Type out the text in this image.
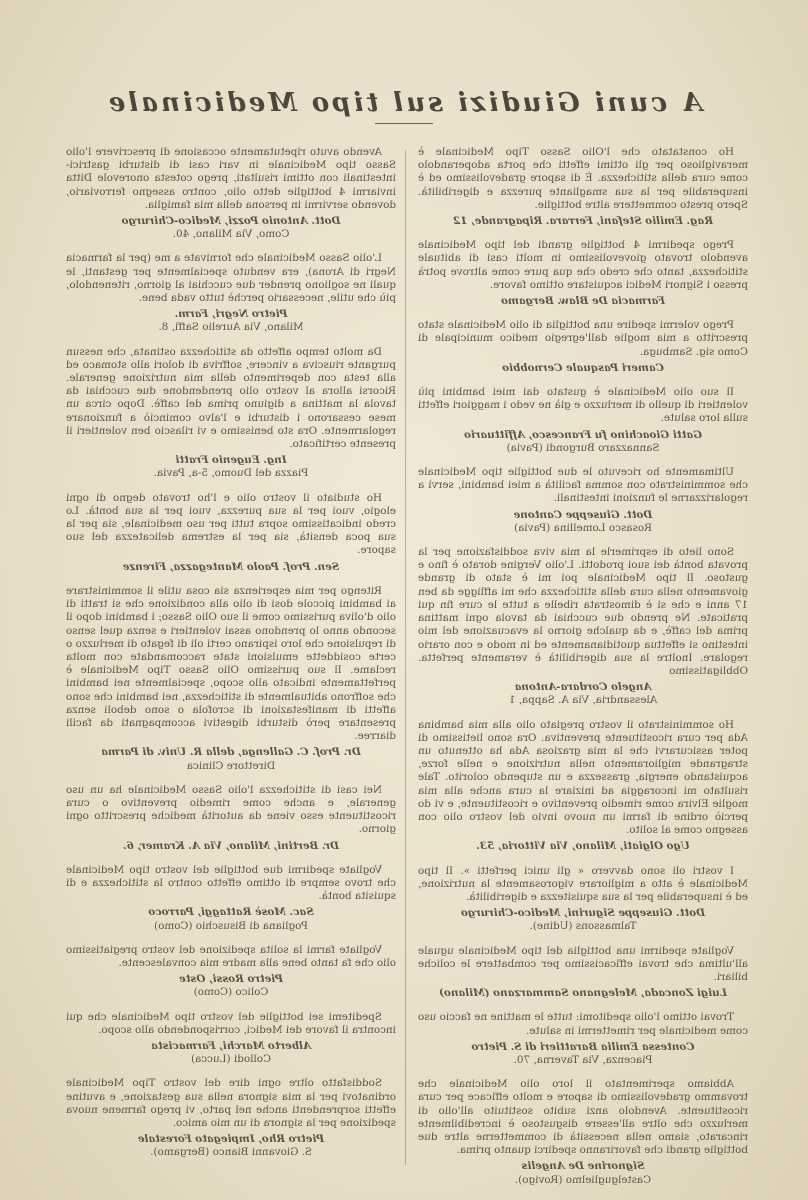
A cuni Giudizi sul tipo Medicinale

Ho constatato che l'Olio Sasso Tipo Medicinale è meraviglioso per gli ottimi effetti che porta adoperandolo come cura della stitichezza. È di sapore gradevolissimo ed è insuperabile per la sua smagliante purezza e digeribilità. Spero presto commettere altre bottiglie.

Rag. Emilio Stefani, Ferrara. Ripagrande, 12

Prego spedirmi 4 bottiglie grandi del tipo Medicinale avendolo trovato giovevolissimo in molti casi di abituale stitichezza, tanto che credo che qua pure come altrove potrà presso i Signori Medici acquistare ottimo favore.

Farmacia De Blaw. Bergamo

Prego volermi spedire una bottiglia di olio Medicinale stato prescritto a mia moglie dall'egregio medico municipale di Como sig. Sambuga.

Cameri Pasquale Cernobbio

Il suo olio Medicinale è gustato dai miei bambini più volentieri di quello di merluzzo e già ne vedo i maggiori effetti sulla loro salute.

Gatti Gioachino fu Francesco, Affittuario
Sannazzaro Burgondi (Pavia)

Ultimamente ho ricevuto le due bottiglie tipo Medicinale che somministrato con somma facilità a miei bambini, servì a regolarizzarne le funzioni intestinali.

Dott. Giuseppe Cantone
Rosasco Lomellina (Pavia)

Sono lieto di esprimerle la mia viva soddisfazione per la provata bontà dei suoi prodotti. L'olio Vergine dorato è fino e gustoso. Il tipo Medicinale poi mi è stato di grande giovamento nella cura della stitichezza che mi affligge da ben 17 anni e che si è dimostrata ribelle a tutte le cure fin qui praticate. Ne prendo due cucchiai da tavola ogni mattina prima del caffè, e da qualche giorno la evacuazione del mio intestino si effettua quotidianamente ed in modo e con orario regolare. Inoltre la sua digeribilità è veramente perfetta. Obbligatissimo

Angelo Cordara-Antona
Alessandria, Via A. Sappa, 1

Ho somministrato il vostro pregiato olio alla mia bambina Ada per cura ricostituente preventiva. Ora sono lietissimo di poter assicurarvi che la mia graziosa Ada ha ottenuto un stragrande miglioramento nella nutrizione e nelle forze, acquistando energia, grassezza e un stupendo colorito. Tale risultato mi incoraggia ad iniziare la cura anche alla mia moglie Elvira come rimedio preventivo e ricostituente, e vi do perciò ordine di farmi un nuovo invio del vostro olio con assegno come al solito.

Ugo Olgiati, Milano, Via Vittoria, 53.

I vostri oli sono davvero « gli unici perfetti ». Il tipo Medicinale è atto a migliorare vigorosamente la nutrizione, ed è insuperabile per la sua squisitezza e digeribilità.

Dott. Giuseppe Sigurini, Medico-Chirurgo
Talmassons (Udine).

Vogliate spedirmi una bottiglia del tipo Medicinale uguale all'ultima che trovai efficacissimo per combattere le coliche biliari.

Luigi Zoncada, Melegnano Sammarzano (Milano)

Trovai ottimo l'olio speditomi: tutte le mattine ne faccio uso come medicinale per rimettermi in salute.

Contessa Emilia Barattieri di S. Pietro
Piacenza, Via Taverna, 70.

Abbiamo sperimentato il loro olio Medicinale che trovammo gradevolissimo di sapore e molto efficace per cura ricostituente. Avendolo anzi subito sostituito all'olio di merluzzo che oltre all'essere disgustoso è incredibilmente rincarato, siamo nella necessità di commetterne altre due bottiglie grandi che favoriranno spedirci quanto prima.

Signorine De Angelis
Castelguglielmo (Rovigo).

Avendo avuto ripetutamente occasione di prescrivere l'olio Sasso tipo Medicinale in vari casi di disturbi gastrici-intestinali con ottimi risultati, prego cotesta onorevole Ditta inviarmi 4 bottiglie detto olio, contro assegno ferroviario, dovendo servirmi in persona della mia famiglia.

Dott. Antonio Pozzi, Medico-Chirurgo
Como, Via Milano, 40.

L'olio Sasso Medicinale che fornivate a me (per la farmacia Negri di Arona), era venduto specialmente per gestanti, le quali ne sogliono prender due cucchiai al giorno, ritenendolo, più che utile, necessario perchè tutto vada bene.

Pietro Negri, Farm.
Milano, Via Aurelio Saffi, 8.

Da molto tempo affetto da stitichezza ostinata, che nessun purgante riusciva a vincere, soffriva di dolori allo stomaco ed alla testa con deperimento della mia nutrizione generale. Ricorsi allora al vostro olio prendendone due cucchiai da tavola la mattina a digiuno prima del caffè. Dopo circa un mese cessarono i disturbi e l'alvo cominciò a funzionare regolarmente. Ora sto benissimo e vi rilascio ben volentieri il presente certificato.

Ing. Eugenio Fratti
Piazza del Duomo, 5-a, Pavia.

Ho studiato il vostro olio e l'ho trovato degno di ogni elogio, vuoi per la sua purezza, vuoi per la sua bontà. Lo credo indicatissimo sopra tutti per uso medicinale, sia per la sua poca densità, sia per la estrema delicatezza del suo sapore.

Sen. Prof. Paolo Mantegazza, Firenze

Ritengo per mia esperienza sia cosa utile il somministrare ai bambini piccole dosi di olio alla condizione che si tratti di olio d'oliva purissimo come il suo Olio Sasso; i bambini dopo il secondo anno lo prendono assai volentieri e senza quel senso di repulsione che loro ispirano certi oli di fegato di merluzzo o certe cosiddette emulsioni state raccomandate con molta reclame. Il suo purissimo Olio Sasso Tipo Medicinale è perfettamente indicato allo scopo, specialmente nei bambini che soffrono abitualmente di stitichezza, nei bambini che sono affetti di manifestazioni di scrofola o sono deboli senza presentare però disturbi digestivi accompagnati da facili diarree.

Dr. Prof. C. Gallenga, della R. Univ. di Parma
Direttore Clinica

Nei casi di stitichezza l'olio Sasso Medicinale ha un uso generale, e anche come rimedio preventivo o cura ricostituente esso viene da autorità mediche prescritto ogni giorno.

Dr. Bertini, Milano, Via A. Kramer, 6.

Vogliate spedirmi due bottiglie del vostro tipo Medicinale che trovo sempre di ottimo effetto contro la stitichezza e di squisita bontà.

Sac. Mosè Rattaggi, Parroco
Pogliana di Bisuschio (Como)

Vogliate farmi la solita spedizione del vostro pregiatissimo olio che fa tanto bene alla madre mia convalescente.

Pietro Rossi, Oste
Colico (Como)

Speditemi sei bottiglie del vostro tipo Medicinale che qui incontra il favore dei Medici, corrispondendo allo scopo.

Alberto Marchi, Farmacista
Collodi (Lucca)

Soddisfatto oltre ogni dire del vostro Tipo Medicinale ordinatovi per la mia signora nella sua gestazione, e avutine effetti sorprendenti anche nel parto, vi prego farmene nuova spedizione per la signora di un mio amico.

Pietro Rho, Impiegato Forestale
S. Giovanni Bianco (Bergamo).
